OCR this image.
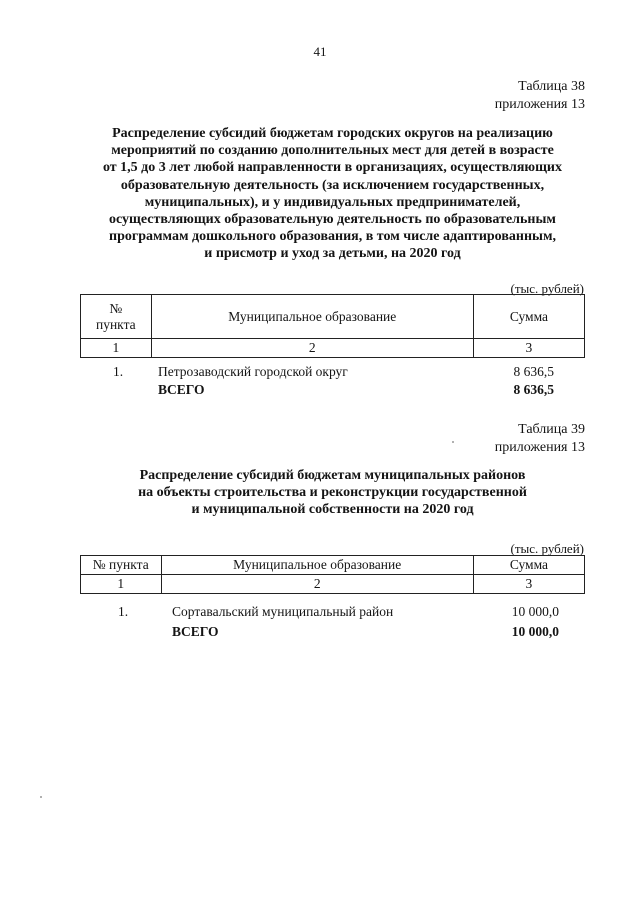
41
Таблица 38
приложения 13
Распределение субсидий бюджетам городских округов на реализацию
мероприятий по созданию дополнительных мест для детей в возрасте
от 1,5 до 3 лет любой направленности в организациях, осуществляющих
образовательную деятельность (за исключением государственных,
муниципальных), и у индивидуальных предпринимателей,
осуществляющих образовательную деятельность по образовательным
программам дошкольного образования, в том числе адаптированным,
и присмотр и уход за детьми, на 2020 год
(тыс. рублей)
№
пункта	Муниципальное образование	Сумма
1	2	3
1.	Петрозаводский городской округ	8 636,5
ВСЕГО	8 636,5
Таблица 39
приложения 13
Распределение субсидий бюджетам муниципальных районов
на объекты строительства и реконструкции государственной
и муниципальной собственности на 2020 год
(тыс. рублей)
№ пункта	Муниципальное образование	Сумма
1	2	3
1.	Сортавальский муниципальный район	10 000,0
ВСЕГО	10 000,0
